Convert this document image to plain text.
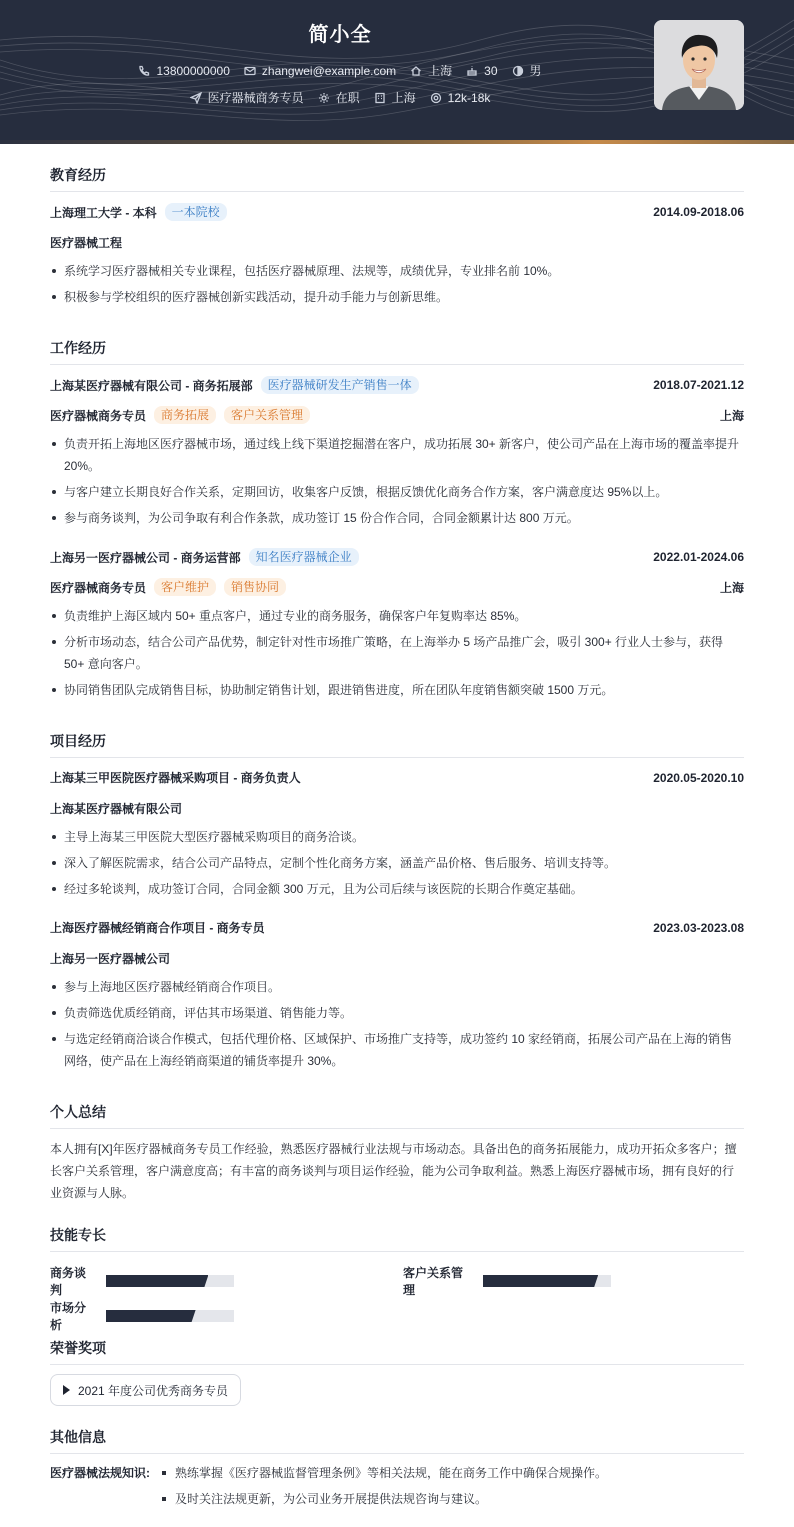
简小全
13800000000	zhangwei@example.com	上海	30	男
医疗器械商务专员	在职	上海	12k-18k
教育经历
上海理工大学 - 本科	一本院校	2014.09-2018.06
医疗器械工程
系统学习医疗器械相关专业课程，包括医疗器械原理、法规等，成绩优异，专业排名前 10%。
积极参与学校组织的医疗器械创新实践活动，提升动手能力与创新思维。
工作经历
上海某医疗器械有限公司 - 商务拓展部	医疗器械研发生产销售一体	2018.07-2021.12
医疗器械商务专员	商务拓展	客户关系管理	上海
负责开拓上海地区医疗器械市场，通过线上线下渠道挖掘潜在客户，成功拓展 30+ 新客户，使公司产品在上海市场的覆盖率提升 20%。
与客户建立长期良好合作关系，定期回访，收集客户反馈，根据反馈优化商务合作方案，客户满意度达 95%以上。
参与商务谈判，为公司争取有利合作条款，成功签订 15 份合作合同，合同金额累计达 800 万元。
上海另一医疗器械公司 - 商务运营部	知名医疗器械企业	2022.01-2024.06
医疗器械商务专员	客户维护	销售协同	上海
负责维护上海区域内 50+ 重点客户，通过专业的商务服务，确保客户年复购率达 85%。
分析市场动态，结合公司产品优势，制定针对性市场推广策略，在上海举办 5 场产品推广会，吸引 300+ 行业人士参与，获得 50+ 意向客户。
协同销售团队完成销售目标，协助制定销售计划，跟进销售进度，所在团队年度销售额突破 1500 万元。
项目经历
上海某三甲医院医疗器械采购项目 - 商务负责人	2020.05-2020.10
上海某医疗器械有限公司
主导上海某三甲医院大型医疗器械采购项目的商务洽谈。
深入了解医院需求，结合公司产品特点，定制个性化商务方案，涵盖产品价格、售后服务、培训支持等。
经过多轮谈判，成功签订合同，合同金额 300 万元，且为公司后续与该医院的长期合作奠定基础。
上海医疗器械经销商合作项目 - 商务专员	2023.03-2023.08
上海另一医疗器械公司
参与上海地区医疗器械经销商合作项目。
负责筛选优质经销商，评估其市场渠道、销售能力等。
与选定经销商洽谈合作模式，包括代理价格、区域保护、市场推广支持等，成功签约 10 家经销商，拓展公司产品在上海的销售网络，使产品在上海经销商渠道的铺货率提升 30%。
个人总结
本人拥有[X]年医疗器械商务专员工作经验，熟悉医疗器械行业法规与市场动态。具备出色的商务拓展能力，成功开拓众多客户；擅长客户关系管理，客户满意度高；有丰富的商务谈判与项目运作经验，能为公司争取利益。熟悉上海医疗器械市场，拥有良好的行业资源与人脉。
技能专长
商务谈判
客户关系管理
市场分析
荣誉奖项
2021 年度公司优秀商务专员
其他信息
医疗器械法规知识:	熟练掌握《医疗器械监督管理条例》等相关法规，能在商务工作中确保合规操作。
及时关注法规更新，为公司业务开展提供法规咨询与建议。
